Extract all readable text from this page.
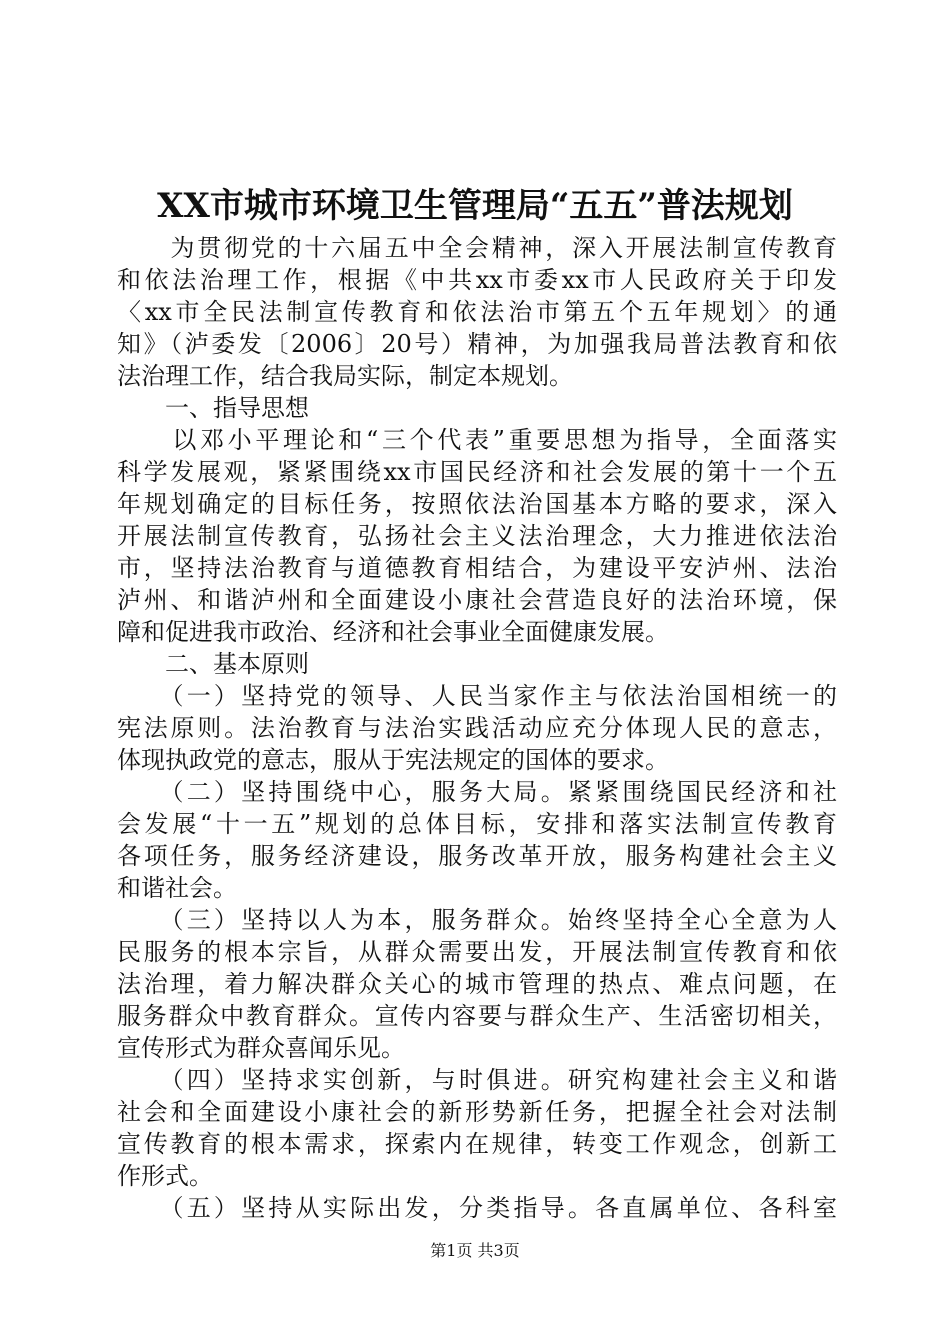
XX市城市环境卫生管理局“五五”普法规划
　　为贯彻党的十六届五中全会精神，深入开展法制宣传教育
和依法治理工作，根据《中共xx市委xx市人民政府关于印发
〈xx市全民法制宣传教育和依法治市第五个五年规划〉的通
知》（泸委发〔2006〕20号）精神，为加强我局普法教育和依
法治理工作，结合我局实际，制定本规划。
　　一、指导思想
　　以邓小平理论和“三个代表”重要思想为指导，全面落实
科学发展观，紧紧围绕xx市国民经济和社会发展的第十一个五
年规划确定的目标任务，按照依法治国基本方略的要求，深入
开展法制宣传教育，弘扬社会主义法治理念，大力推进依法治
市，坚持法治教育与道德教育相结合，为建设平安泸州、法治
泸州、和谐泸州和全面建设小康社会营造良好的法治环境，保
障和促进我市政治、经济和社会事业全面健康发展。
　　二、基本原则
　　（一）坚持党的领导、人民当家作主与依法治国相统一的
宪法原则。法治教育与法治实践活动应充分体现人民的意志，
体现执政党的意志，服从于宪法规定的国体的要求。
　　（二）坚持围绕中心，服务大局。紧紧围绕国民经济和社
会发展“十一五”规划的总体目标，安排和落实法制宣传教育
各项任务，服务经济建设，服务改革开放，服务构建社会主义
和谐社会。
　　（三）坚持以人为本，服务群众。始终坚持全心全意为人
民服务的根本宗旨，从群众需要出发，开展法制宣传教育和依
法治理，着力解决群众关心的城市管理的热点、难点问题，在
服务群众中教育群众。宣传内容要与群众生产、生活密切相关，
宣传形式为群众喜闻乐见。
　　（四）坚持求实创新，与时俱进。研究构建社会主义和谐
社会和全面建设小康社会的新形势新任务，把握全社会对法制
宣传教育的根本需求，探索内在规律，转变工作观念，创新工
作形式。
　　（五）坚持从实际出发，分类指导。各直属单位、各科室
第1页 共3页
